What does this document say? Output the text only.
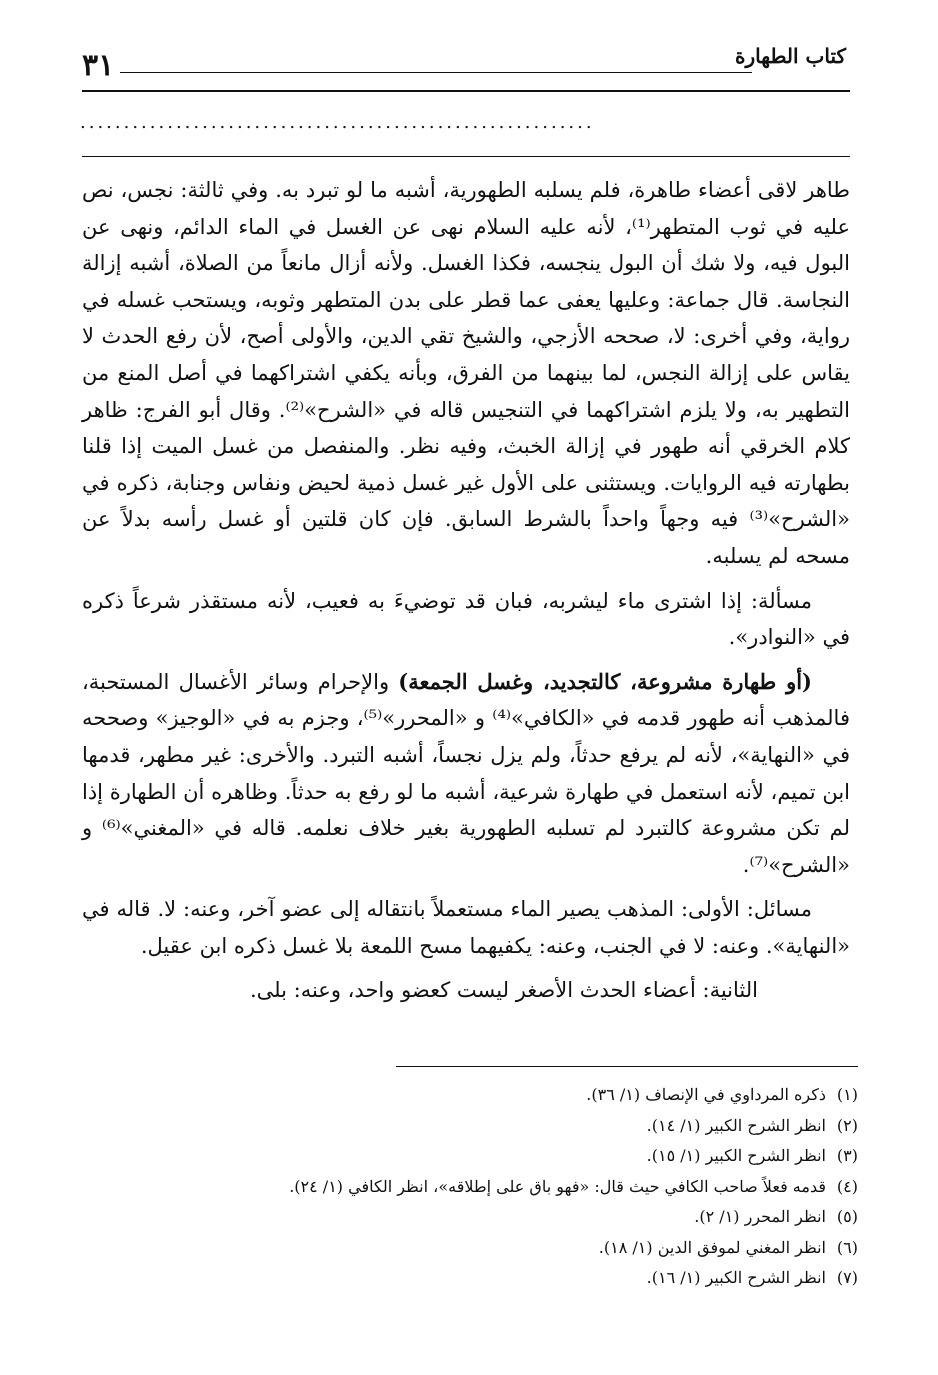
كتاب الطهارة
٣١
...........................................................

طاهر لاقى أعضاء طاهرة، فلم يسلبه الطهورية، أشبه ما لو تبرد به. وفي ثالثة: نجس، نص عليه في ثوب المتطهر⁽¹⁾، لأنه عليه السلام نهى عن الغسل في الماء الدائم، ونهى عن البول فيه، ولا شك أن البول ينجسه، فكذا الغسل. ولأنه أزال مانعاً من الصلاة، أشبه إزالة النجاسة. قال جماعة: وعليها يعفى عما قطر على بدن المتطهر وثوبه، ويستحب غسله في رواية، وفي أخرى: لا، صححه الأزجي، والشيخ تقي الدين، والأولى أصح، لأن رفع الحدث لا يقاس على إزالة النجس، لما بينهما من الفرق، وبأنه يكفي اشتراكهما في أصل المنع من التطهير به، ولا يلزم اشتراكهما في التنجيس قاله في «الشرح»⁽²⁾. وقال أبو الفرج: ظاهر كلام الخرقي أنه طهور في إزالة الخبث، وفيه نظر. والمنفصل من غسل الميت إذا قلنا بطهارته فيه الروايات. ويستثنى على الأول غير غسل ذمية لحيض ونفاس وجنابة، ذكره في «الشرح»⁽³⁾ فيه وجهاً واحداً بالشرط السابق. فإن كان قلتين أو غسل رأسه بدلاً عن مسحه لم يسلبه.

مسألة: إذا اشترى ماء ليشربه، فبان قد توضيءَ به فعيب، لأنه مستقذر شرعاً ذكره في «النوادر».

(أو طهارة مشروعة، كالتجديد، وغسل الجمعة) والإحرام وسائر الأغسال المستحبة، فالمذهب أنه طهور قدمه في «الكافي»⁽⁴⁾ و «المحرر»⁽⁵⁾، وجزم به في «الوجيز» وصححه في «النهاية»، لأنه لم يرفع حدثاً، ولم يزل نجساً، أشبه التبرد. والأخرى: غير مطهر، قدمها ابن تميم، لأنه استعمل في طهارة شرعية، أشبه ما لو رفع به حدثاً. وظاهره أن الطهارة إذا لم تكن مشروعة كالتبرد لم تسلبه الطهورية بغير خلاف نعلمه. قاله في «المغني»⁽⁶⁾ و «الشرح»⁽⁷⁾.

مسائل: الأولى: المذهب يصير الماء مستعملاً بانتقاله إلى عضو آخر، وعنه: لا. قاله في «النهاية». وعنه: لا في الجنب، وعنه: يكفيهما مسح اللمعة بلا غسل ذكره ابن عقيل.

الثانية: أعضاء الحدث الأصغر ليست كعضو واحد، وعنه: بلى.

(١)ذكره المرداوي في الإنصاف (١/ ٣٦).
(٢)انظر الشرح الكبير (١/ ١٤).
(٣)انظر الشرح الكبير (١/ ١٥).
(٤)قدمه فعلاً صاحب الكافي حيث قال: «فهو باق على إطلاقه»، انظر الكافي (١/ ٢٤).
(٥)انظر المحرر (١/ ٢).
(٦)انظر المغني لموفق الدين (١/ ١٨).
(٧)انظر الشرح الكبير (١/ ١٦).
